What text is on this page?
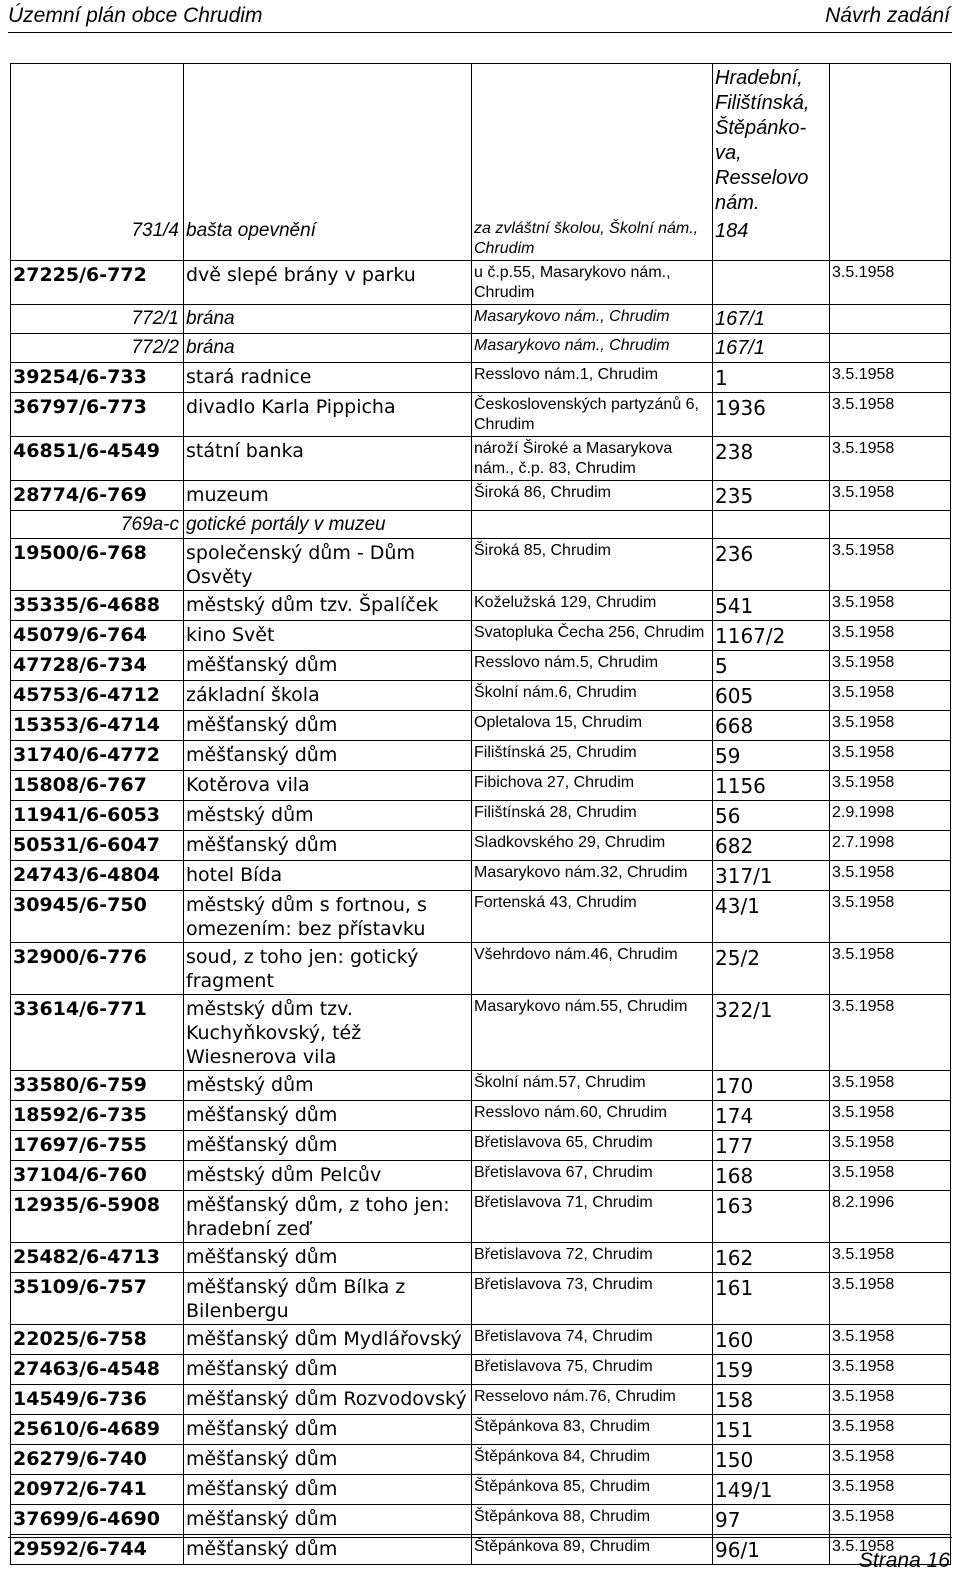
Územní plán obce Chrudim	Návrh zadání
			Hradební, Filištínská, Štěpánko-va, Resselovo nám.	
731/4	bašta opevnění	za zvláštní školou, Školní nám., Chrudim	184	
27225/6-772	dvě slepé brány v parku	u č.p.55, Masarykovo nám., Chrudim		3.5.1958
772/1	brána	Masarykovo nám., Chrudim	167/1	
772/2	brána	Masarykovo nám., Chrudim	167/1	
39254/6-733	stará radnice	Resslovo nám.1, Chrudim	1	3.5.1958
36797/6-773	divadlo Karla Pippicha	Československých partyzánů 6, Chrudim	1936	3.5.1958
46851/6-4549	státní banka	nároží Široké a Masarykova nám., č.p. 83, Chrudim	238	3.5.1958
28774/6-769	muzeum	Široká 86, Chrudim	235	3.5.1958
769a-c	gotické portály v muzeu			
19500/6-768	společenský dům - Dům Osvěty	Široká 85, Chrudim	236	3.5.1958
35335/6-4688	městský dům tzv. Špalíček	Koželužská 129, Chrudim	541	3.5.1958
45079/6-764	kino Svět	Svatopluka Čecha 256, Chrudim	1167/2	3.5.1958
47728/6-734	měšťanský dům	Resslovo nám.5, Chrudim	5	3.5.1958
45753/6-4712	základní škola	Školní nám.6, Chrudim	605	3.5.1958
15353/6-4714	měšťanský dům	Opletalova 15, Chrudim	668	3.5.1958
31740/6-4772	měšťanský dům	Filištínská 25, Chrudim	59	3.5.1958
15808/6-767	Kotěrova vila	Fibichova 27, Chrudim	1156	3.5.1958
11941/6-6053	městský dům	Filištínská 28, Chrudim	56	2.9.1998
50531/6-6047	měšťanský dům	Sladkovského 29, Chrudim	682	2.7.1998
24743/6-4804	hotel Bída	Masarykovo nám.32, Chrudim	317/1	3.5.1958
30945/6-750	městský dům s fortnou, s omezením: bez přístavku	Fortenská 43, Chrudim	43/1	3.5.1958
32900/6-776	soud, z toho jen: gotický fragment	Všehrdovo nám.46, Chrudim	25/2	3.5.1958
33614/6-771	městský dům tzv. Kuchyňkovský, též Wiesnerova vila	Masarykovo nám.55, Chrudim	322/1	3.5.1958
33580/6-759	městský dům	Školní nám.57, Chrudim	170	3.5.1958
18592/6-735	měšťanský dům	Resslovo nám.60, Chrudim	174	3.5.1958
17697/6-755	měšťanský dům	Břetislavova 65, Chrudim	177	3.5.1958
37104/6-760	městský dům Pelcův	Břetislavova 67, Chrudim	168	3.5.1958
12935/6-5908	měšťanský dům, z toho jen: hradební zeď	Břetislavova 71, Chrudim	163	8.2.1996
25482/6-4713	měšťanský dům	Břetislavova 72, Chrudim	162	3.5.1958
35109/6-757	měšťanský dům Bílka z Bilenbergu	Břetislavova 73, Chrudim	161	3.5.1958
22025/6-758	měšťanský dům Mydlářovský	Břetislavova 74, Chrudim	160	3.5.1958
27463/6-4548	měšťanský dům	Břetislavova 75, Chrudim	159	3.5.1958
14549/6-736	měšťanský dům Rozvodovský	Resselovo nám.76, Chrudim	158	3.5.1958
25610/6-4689	měšťanský dům	Štěpánkova 83, Chrudim	151	3.5.1958
26279/6-740	měšťanský dům	Štěpánkova 84, Chrudim	150	3.5.1958
20972/6-741	měšťanský dům	Štěpánkova 85, Chrudim	149/1	3.5.1958
37699/6-4690	měšťanský dům	Štěpánkova 88, Chrudim	97	3.5.1958
29592/6-744	měšťanský dům	Štěpánkova 89, Chrudim	96/1	3.5.1958
Strana 16
